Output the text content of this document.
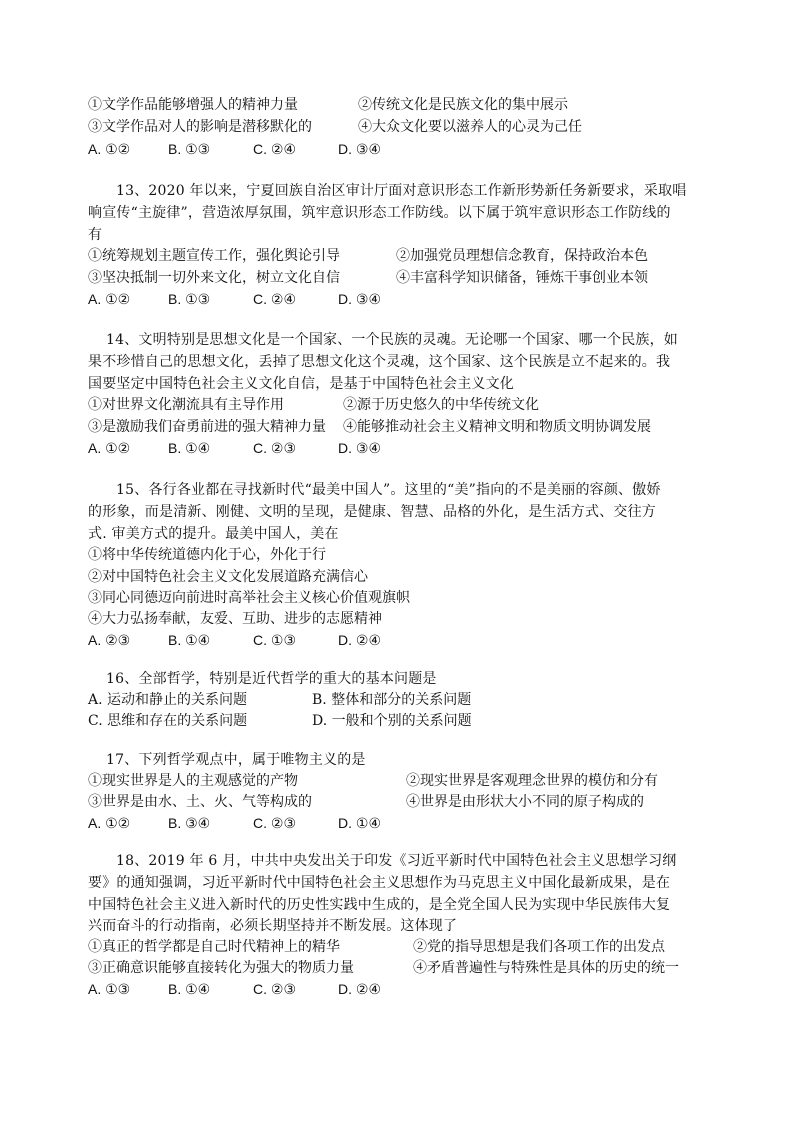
①文学作品能够增强人的精神力量	②传统文化是民族文化的集中展示
③文学作品对人的影响是潜移默化的	④大众文化要以滋养人的心灵为己任
A. ①②	B. ①③	C. ②④	D. ③④
13、2020 年以来，宁夏回族自治区审计厅面对意识形态工作新形势新任务新要求，采取唱
响宣传“主旋律”，营造浓厚氛围，筑牢意识形态工作防线。以下属于筑牢意识形态工作防线的
有
①统筹规划主题宣传工作，强化舆论引导	②加强党员理想信念教育，保持政治本色
③坚决抵制一切外来文化，树立文化自信	④丰富科学知识储备，锤炼干事创业本领
A. ①②	B. ①③	C. ②④	D. ③④
14、文明特别是思想文化是一个国家、一个民族的灵魂。无论哪一个国家、哪一个民族，如
果不珍惜自己的思想文化，丢掉了思想文化这个灵魂，这个国家、这个民族是立不起来的。我
国要坚定中国特色社会主义文化自信，是基于中国特色社会主义文化
①对世界文化潮流具有主导作用	②源于历史悠久的中华传统文化
③是激励我们奋勇前进的强大精神力量 ④能够推动社会主义精神文明和物质文明协调发展
A. ①②	B. ①④	C. ②③	D. ③④
15、各行各业都在寻找新时代“最美中国人”。这里的“美”指向的不是美丽的容颜、傲娇
的形象，而是清新、刚健、文明的呈现，是健康、智慧、品格的外化，是生活方式、交往方
式. 审美方式的提升。最美中国人，美在
①将中华传统道德内化于心，外化于行
②对中国特色社会主义文化发展道路充满信心
③同心同德迈向前进时高举社会主义核心价值观旗帜
④大力弘扬奉献，友爱、互助、进步的志愿精神
A. ②③	B. ①④	C. ①③	D. ②④
16、全部哲学，特别是近代哲学的重大的基本问题是
A. 运动和静止的关系问题	B. 整体和部分的关系问题
C. 思维和存在的关系问题	D. 一般和个别的关系问题
17、下列哲学观点中，属于唯物主义的是
①现实世界是人的主观感觉的产物	②现实世界是客观理念世界的模仿和分有
③世界是由水、土、火、气等构成的	④世界是由形状大小不同的原子构成的
A. ①②	B. ③④	C. ②③	D. ①④
18、2019 年 6 月，中共中央发出关于印发《习近平新时代中国特色社会主义思想学习纲
要》的通知强调，习近平新时代中国特色社会主义思想作为马克思主义中国化最新成果，是在
中国特色社会主义进入新时代的历史性实践中生成的，是全党全国人民为实现中华民族伟大复
兴而奋斗的行动指南，必须长期坚持并不断发展。这体现了
①真正的哲学都是自己时代精神上的精华	②党的指导思想是我们各项工作的出发点
③正确意识能够直接转化为强大的物质力量	④矛盾普遍性与特殊性是具体的历史的统一
A. ①③	B. ①④	C. ②③	D. ②④
